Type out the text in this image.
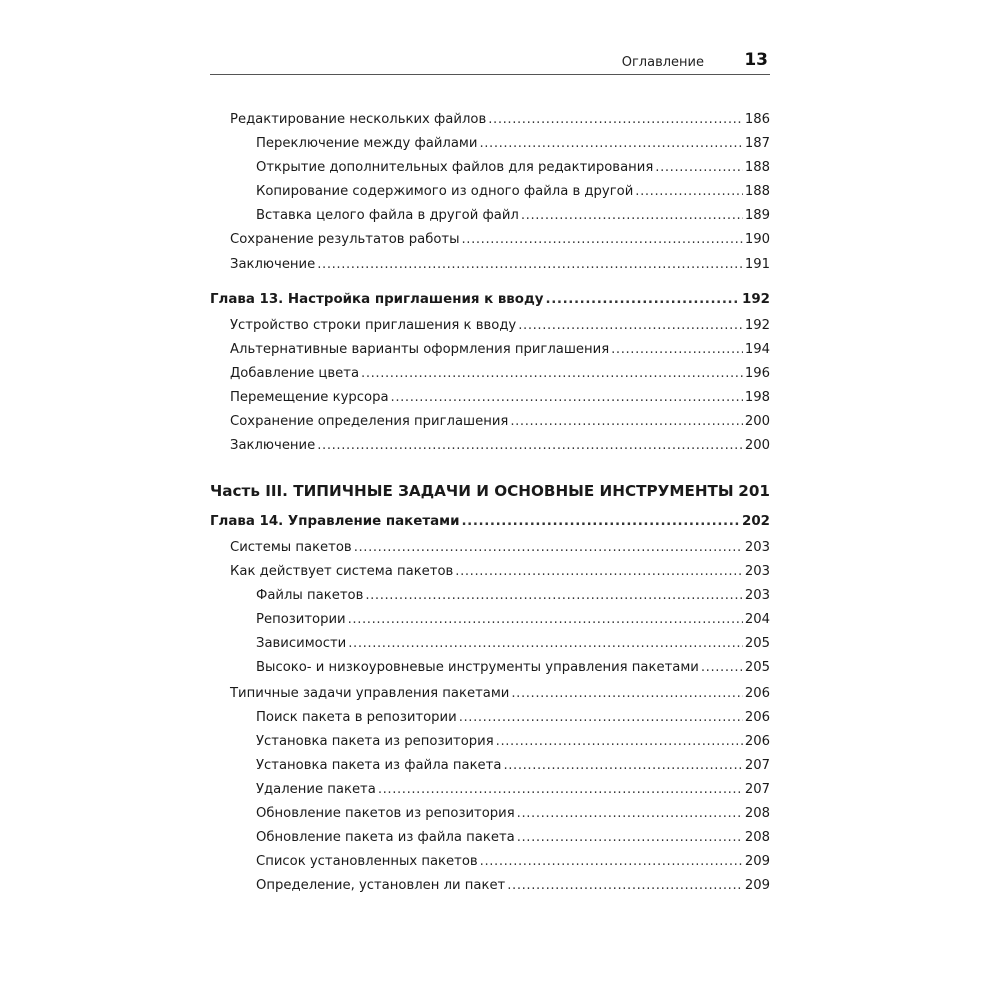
Оглавление 13
Редактирование нескольких файлов .....	186
Переключение между файлами .....	187
Открытие дополнительных файлов для редактирования .....	188
Копирование содержимого из одного файла в другой .....	188
Вставка целого файла в другой файл .....	189
Сохранение результатов работы .....	190
Заключение .....	191
Глава 13. Настройка приглашения к вводу .....	192
Устройство строки приглашения к вводу .....	192
Альтернативные варианты оформления приглашения .....	194
Добавление цвета .....	196
Перемещение курсора .....	198
Сохранение определения приглашения .....	200
Заключение .....	200
Часть III. ТИПИЧНЫЕ ЗАДАЧИ И ОСНОВНЫЕ ИНСТРУМЕНТЫ ..... 201
Глава 14. Управление пакетами .....	202
Системы пакетов .....	203
Как действует система пакетов .....	203
Файлы пакетов .....	203
Репозитории .....	204
Зависимости .....	205
Высоко- и низкоуровневые инструменты управления пакетами .....	205
Типичные задачи управления пакетами .....	206
Поиск пакета в репозитории .....	206
Установка пакета из репозитория .....	206
Установка пакета из файла пакета .....	207
Удаление пакета .....	207
Обновление пакетов из репозитория .....	208
Обновление пакета из файла пакета .....	208
Список установленных пакетов .....	209
Определение, установлен ли пакет .....	209
